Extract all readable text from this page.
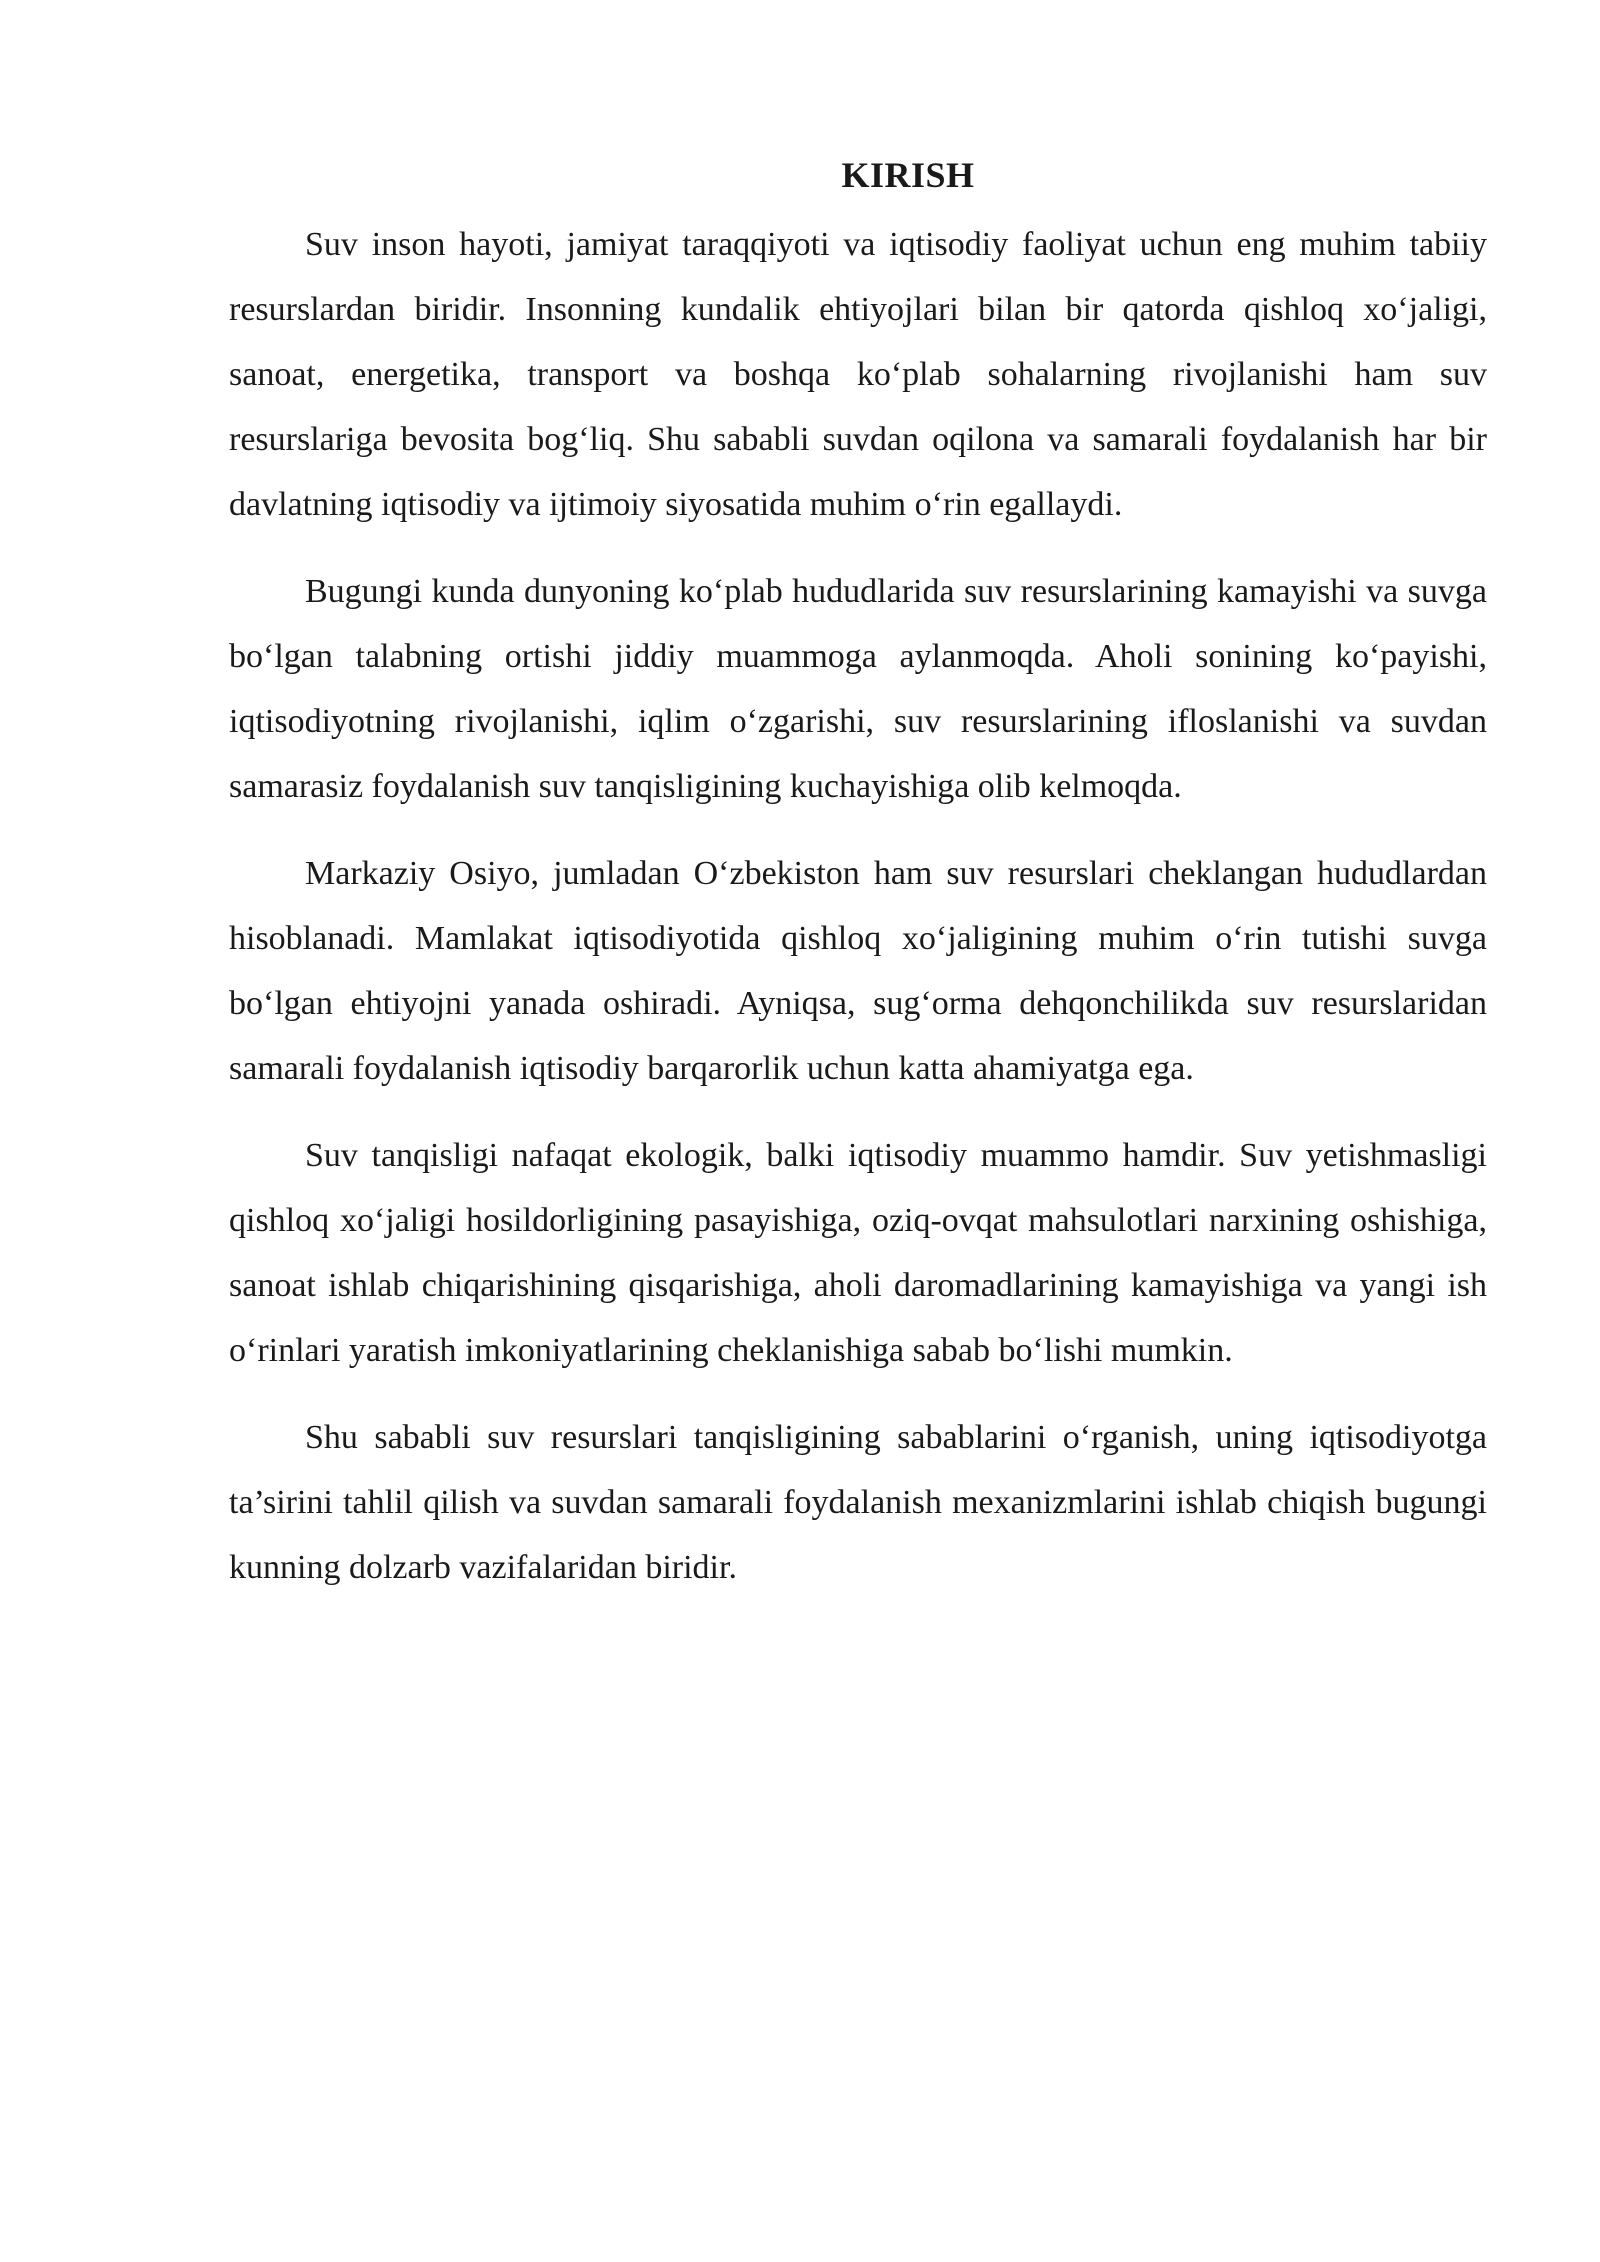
KIRISH

Suv inson hayoti, jamiyat taraqqiyoti va iqtisodiy faoliyat uchun eng muhim tabiiy resurslardan biridir. Insonning kundalik ehtiyojlari bilan bir qatorda qishloq xo‘jaligi, sanoat, energetika, transport va boshqa ko‘plab sohalarning rivojlanishi ham suv resurslariga bevosita bog‘liq. Shu sababli suvdan oqilona va samarali foydalanish har bir davlatning iqtisodiy va ijtimoiy siyosatida muhim o‘rin egallaydi.

Bugungi kunda dunyoning ko‘plab hududlarida suv resurslarining kamayishi va suvga bo‘lgan talabning ortishi jiddiy muammoga aylanmoqda. Aholi sonining ko‘payishi, iqtisodiyotning rivojlanishi, iqlim o‘zgarishi, suv resurslarining ifloslanishi va suvdan samarasiz foydalanish suv tanqisligining kuchayishiga olib kelmoqda.

Markaziy Osiyo, jumladan O‘zbekiston ham suv resurslari cheklangan hududlardan hisoblanadi. Mamlakat iqtisodiyotida qishloq xo‘jaligining muhim o‘rin tutishi suvga bo‘lgan ehtiyojni yanada oshiradi. Ayniqsa, sug‘orma dehqonchilikda suv resurslaridan samarali foydalanish iqtisodiy barqarorlik uchun katta ahamiyatga ega.

Suv tanqisligi nafaqat ekologik, balki iqtisodiy muammo hamdir. Suv yetishmasligi qishloq xo‘jaligi hosildorligining pasayishiga, oziq-ovqat mahsulotlari narxining oshishiga, sanoat ishlab chiqarishining qisqarishiga, aholi daromadlarining kamayishiga va yangi ish o‘rinlari yaratish imkoniyatlarining cheklanishiga sabab bo‘lishi mumkin.

Shu sababli suv resurslari tanqisligining sabablarini o‘rganish, uning iqtisodiyotga ta’sirini tahlil qilish va suvdan samarali foydalanish mexanizmlarini ishlab chiqish bugungi kunning dolzarb vazifalaridan biridir.
